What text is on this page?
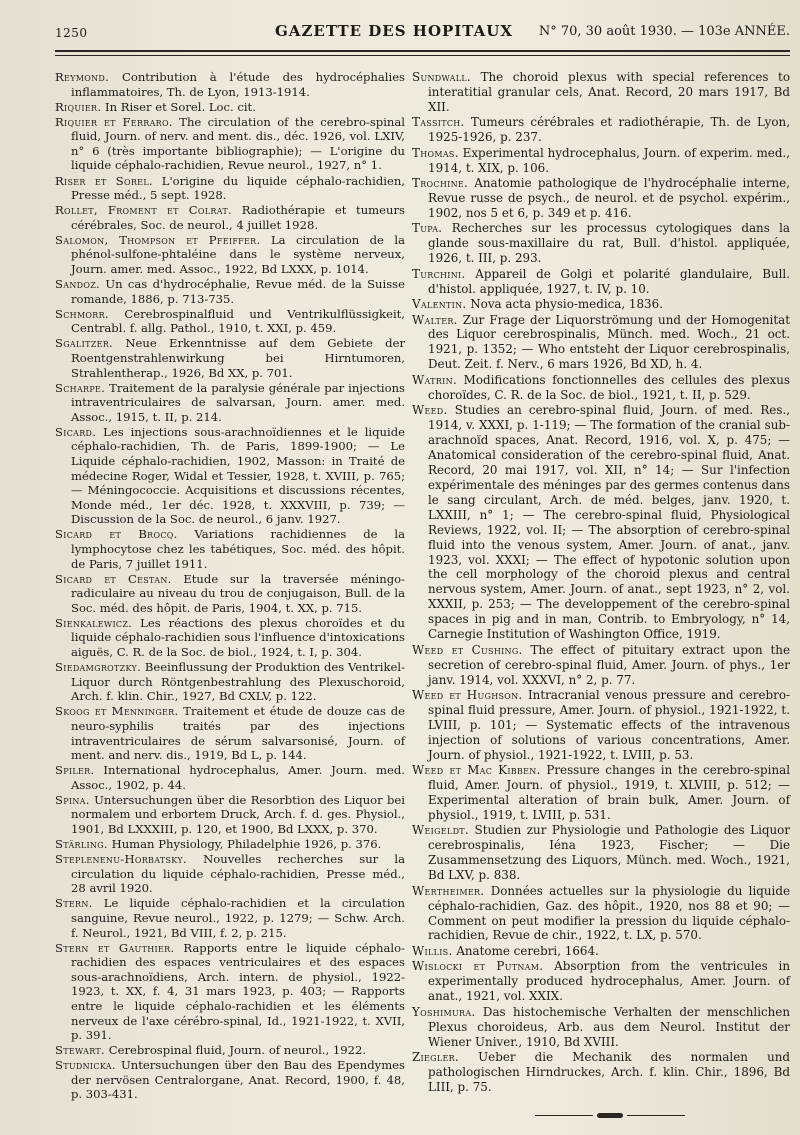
1250	GAZETTE DES HOPITAUX N° 70, 30 août 1930. — 103e ANNÉE.

Reymond. Contribution à l'étude des hydrocéphalies inflammatoires, Th. de Lyon, 1913-1914.

Riquier. In Riser et Sorel. Loc. cit.

Riquier et Ferraro. The circulation of the cerebro-spinal fluid, Journ. of nerv. and ment. dis., déc. 1926, vol. LXIV, n° 6 (très importante bibliographie); — L'origine du liquide céphalo-rachidien, Revue neurol., 1927, n° 1.

Riser et Sorel. L'origine du liquide céphalo-rachidien, Presse méd., 5 sept. 1928.

Rollet, Froment et Colrat. Radiothérapie et tumeurs cérébrales, Soc. de neurol., 4 juillet 1928.

Salomon, Thompson et Pfeiffer. La circulation de la phénol-sulfone-phtaléine dans le système nerveux, Journ. amer. med. Assoc., 1922, Bd LXXX, p. 1014.

Sandoz. Un cas d'hydrocéphalie, Revue méd. de la Suisse romande, 1886, p. 713-735.

Schmorr. Cerebrospinalfluid und Ventrikulflüssigkeit, Centrabl. f. allg. Pathol., 1910, t. XXI, p. 459.

Sgalitzer. Neue Erkenntnisse auf dem Gebiete der Roentgenstrahlenwirkung bei Hirntumoren, Strahlentherap., 1926, Bd XX, p. 701.

Scharpe. Traitement de la paralysie générale par injections intraventriculaires de salvarsan, Journ. amer. med. Assoc., 1915, t. II, p. 214.

Sicard. Les injections sous-arachnoïdiennes et le liquide céphalo-rachidien, Th. de Paris, 1899-1900; — Le Liquide céphalo-rachidien, 1902, Masson: in Traité de médecine Roger, Widal et Tessier, 1928, t. XVIII, p. 765; — Méningococcie. Acquisitions et discussions récentes, Monde méd., 1er déc. 1928, t. XXXVIII, p. 739; — Discussion de la Soc. de neurol., 6 janv. 1927.

Sicard et Brocq. Variations rachidiennes de la lymphocytose chez les tabétiques, Soc. méd. des hôpit. de Paris, 7 juillet 1911.

Sicard et Cestan. Etude sur la traversée méningo-radiculaire au niveau du trou de conjugaison, Bull. de la Soc. méd. des hôpit. de Paris, 1904, t. XX, p. 715.

Sienkalewicz. Les réactions des plexus choroïdes et du liquide céphalo-rachidien sous l'influence d'intoxications aiguës, C. R. de la Soc. de biol., 1924, t. I, p. 304.

Siedamgrotzky. Beeinflussung der Produktion des Ventrikel-Liquor durch Röntgenbestrahlung des Plexuschoroid, Arch. f. klin. Chir., 1927, Bd CXLV, p. 122.

Skoog et Menninger. Traitement et étude de douze cas de neuro-syphilis traités par des injections intraventriculaires de sérum salvarsonisé, Journ. of ment. and nerv. dis., 1919, Bd L, p. 144.

Spiler. International hydrocephalus, Amer. Journ. med. Assoc., 1902, p. 44.

Spina. Untersuchungen über die Resorbtion des Liquor bei normalem und erbortem Druck, Arch. f. d. ges. Physiol., 1901, Bd LXXXIII, p. 120, et 1900, Bd LXXX, p. 370.

Stärling. Human Physiology, Philadelphie 1926, p. 376.

Steplenenu-Horbatsky. Nouvelles recherches sur la circulation du liquide céphalo-rachidien, Presse méd., 28 avril 1920.

Stern. Le liquide céphalo-rachidien et la circulation sanguine, Revue neurol., 1922, p. 1279; — Schw. Arch. f. Neurol., 1921, Bd VIII, f. 2, p. 215.

Stern et Gauthier. Rapports entre le liquide céphalo-rachidien des espaces ventriculaires et des espaces sous-arachnoïdiens, Arch. intern. de physiol., 1922-1923, t. XX, f. 4, 31 mars 1923, p. 403; — Rapports entre le liquide céphalo-rachidien et les éléments nerveux de l'axe cérébro-spinal, Id., 1921-1922, t. XVII, p. 391.

Stewart. Cerebrospinal fluid, Journ. of neurol., 1922.

Studnicka. Untersuchungen über den Bau des Ependymes der nervösen Centralorgane, Anat. Record, 1900, f. 48, p. 303-431.

Sundwall. The choroid plexus with special references to interatitial granular cels, Anat. Record, 20 mars 1917, Bd XII.

Tassitch. Tumeurs cérébrales et radiothérapie, Th. de Lyon, 1925-1926, p. 237.

Thomas. Experimental hydrocephalus, Journ. of experim. med., 1914, t. XIX, p. 106.

Trochine. Anatomie pathologique de l'hydrocéphalie interne, Revue russe de psych., de neurol. et de psychol. expérim., 1902, nos 5 et 6, p. 349 et p. 416.

Tupa. Recherches sur les processus cytologiques dans la glande sous-maxillaire du rat, Bull. d'histol. appliquée, 1926, t. III, p. 293.

Turchini. Appareil de Golgi et polarité glandulaire, Bull. d'histol. appliquée, 1927, t. IV, p. 10.

Valentin. Nova acta physio-medica, 1836.

Walter. Zur Frage der Liquorströmung und der Homogenitat des Liquor cerebrospinalis, Münch. med. Woch., 21 oct. 1921, p. 1352; — Who entsteht der Liquor cerebrospinalis, Deut. Zeit. f. Nerv., 6 mars 1926, Bd XD, h. 4.

Watrin. Modifications fonctionnelles des cellules des plexus choroïdes, C. R. de la Soc. de biol., 1921, t. II, p. 529.

Weed. Studies an cerebro-spinal fluid, Journ. of med. Res., 1914, v. XXXI, p. 1-119; — The formation of the cranial sub-arachnoïd spaces, Anat. Record, 1916, vol. X, p. 475; — Anatomical consideration of the cerebro-spinal fluid, Anat. Record, 20 mai 1917, vol. XII, n° 14; — Sur l'infection expérimentale des méninges par des germes contenus dans le sang circulant, Arch. de méd. belges, janv. 1920, t. LXXIII, n° 1; — The cerebro-spinal fluid, Physiological Reviews, 1922, vol. II; — The absorption of cerebro-spinal fluid into the venous system, Amer. Journ. of anat., janv. 1923, vol. XXXI; — The effect of hypotonic solution upon the cell morphology of the choroid plexus and central nervous system, Amer. Journ. of anat., sept 1923, n° 2, vol. XXXII, p. 253; — The developpement of the cerebro-spinal spaces in pig and in man, Contrib. to Embryology, n° 14, Carnegie Institution of Washington Office, 1919.

Weed et Cushing. The effect of pituitary extract upon the secretion of cerebro-spinal fluid, Amer. Journ. of phys., 1er janv. 1914, vol. XXXVI, n° 2, p. 77.

Weed et Hughson. Intracranial venous pressure and cerebro-spinal fluid pressure, Amer. Journ. of physiol., 1921-1922, t. LVIII, p. 101; — Systematic effects of the intravenous injection of solutions of various concentrations, Amer. Journ. of physiol., 1921-1922, t. LVIII, p. 53.

Weed et Mac Kibben. Pressure changes in the cerebro-spinal fluid, Amer. Journ. of physiol., 1919, t. XLVIII, p. 512; — Experimental alteration of brain bulk, Amer. Journ. of physiol., 1919, t. LVIII, p. 531.

Weigeldt. Studien zur Physiologie und Pathologie des Liquor cerebrospinalis, Iéna 1923, Fischer; — Die Zusammensetzung des Liquors, Münch. med. Woch., 1921, Bd LXV, p. 838.

Wertheimer. Données actuelles sur la physiologie du liquide céphalo-rachidien, Gaz. des hôpit., 1920, nos 88 et 90; — Comment on peut modifier la pression du liquide céphalo-rachidien, Revue de chir., 1922, t. LX, p. 570.

Willis. Anatome cerebri, 1664.

Wislocki et Putnam. Absorption from the ventricules in experimentally produced hydrocephalus, Amer. Journ. of anat., 1921, vol. XXIX.

Yoshimura. Das histochemische Verhalten der menschlichen Plexus choroideus, Arb. aus dem Neurol. Institut der Wiener Univer., 1910, Bd XVIII.

Ziegler. Ueber die Mechanik des normalen und pathologischen Hirndruckes, Arch. f. klin. Chir., 1896, Bd LIII, p. 75.
